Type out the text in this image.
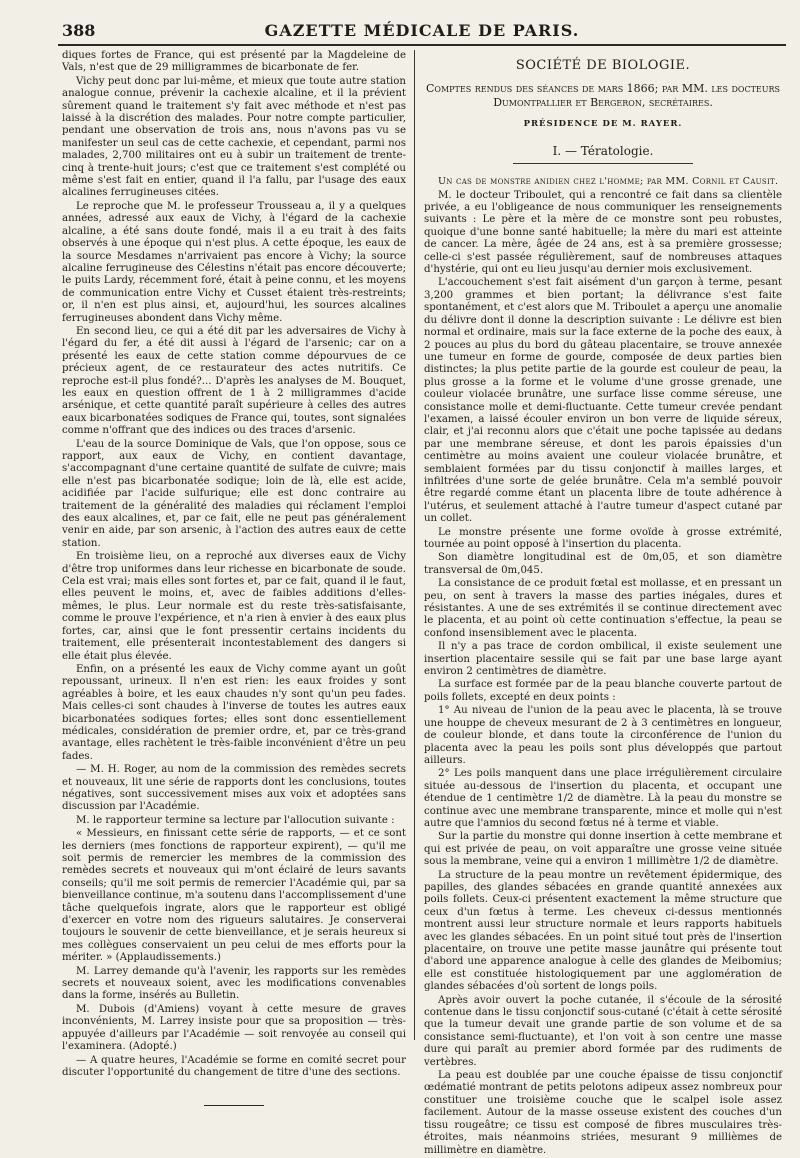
388	GAZETTE MÉDICALE DE PARIS.

diques fortes de France, qui est présenté par la Magdeleine de Vals, n'est que de 29 milligrammes de bicarbonate de fer.

Vichy peut donc par lui-même, et mieux que toute autre station analogue connue, prévenir la cachexie alcaline, et il la prévient sûrement quand le traitement s'y fait avec méthode et n'est pas laissé à la discrétion des malades. Pour notre compte particulier, pendant une observation de trois ans, nous n'avons pas vu se manifester un seul cas de cette cachexie, et cependant, parmi nos malades, 2,700 militaires ont eu à subir un traitement de trente-cinq à trente-huit jours; c'est que ce traitement s'est complété ou même s'est fait en entier, quand il l'a fallu, par l'usage des eaux alcalines ferrugineuses citées.

Le reproche que M. le professeur Trousseau a, il y a quelques années, adressé aux eaux de Vichy, à l'égard de la cachexie alcaline, a été sans doute fondé, mais il a eu trait à des faits observés à une époque qui n'est plus. A cette époque, les eaux de la source Mesdames n'arrivaient pas encore à Vichy; la source alcaline ferrugineuse des Célestins n'était pas encore découverte; le puits Lardy, récemment foré, était à peine connu, et les moyens de communication entre Vichy et Cusset étaient très-restreints; or, il n'en est plus ainsi, et, aujourd'hui, les sources alcalines ferrugineuses abondent dans Vichy même.

En second lieu, ce qui a été dit par les adversaires de Vichy à l'égard du fer, a été dit aussi à l'égard de l'arsenic; car on a présenté les eaux de cette station comme dépourvues de ce précieux agent, de ce restaurateur des actes nutritifs. Ce reproche est-il plus fondé?... D'après les analyses de M. Bouquet, les eaux en question offrent de 1 à 2 milligrammes d'acide arsénique, et cette quantité paraît supérieure à celles des autres eaux bicarbonatées sodiques de France qui, toutes, sont signalées comme n'offrant que des indices ou des traces d'arsenic.

L'eau de la source Dominique de Vals, que l'on oppose, sous ce rapport, aux eaux de Vichy, en contient davantage, s'accompagnant d'une certaine quantité de sulfate de cuivre; mais elle n'est pas bicarbonatée sodique; loin de là, elle est acide, acidifiée par l'acide sulfurique; elle est donc contraire au traitement de la généralité des maladies qui réclament l'emploi des eaux alcalines, et, par ce fait, elle ne peut pas généralement venir en aide, par son arsenic, à l'action des autres eaux de cette station.

En troisième lieu, on a reproché aux diverses eaux de Vichy d'être trop uniformes dans leur richesse en bicarbonate de soude. Cela est vrai; mais elles sont fortes et, par ce fait, quand il le faut, elles peuvent le moins, et, avec de faibles additions d'elles-mêmes, le plus. Leur normale est du reste très-satisfaisante, comme le prouve l'expérience, et n'a rien à envier à des eaux plus fortes, car, ainsi que le font pressentir certains incidents du traitement, elle présenterait incontestablement des dangers si elle était plus élevée.

Enfin, on a présenté les eaux de Vichy comme ayant un goût repoussant, urineux. Il n'en est rien: les eaux froides y sont agréables à boire, et les eaux chaudes n'y sont qu'un peu fades. Mais celles-ci sont chaudes à l'inverse de toutes les autres eaux bicarbonatées sodiques fortes; elles sont donc essentiellement médicales, considération de premier ordre, et, par ce très-grand avantage, elles rachètent le très-faible inconvénient d'être un peu fades.

— M. H. Roger, au nom de la commission des remèdes secrets et nouveaux, lit une série de rapports dont les conclusions, toutes négatives, sont successivement mises aux voix et adoptées sans discussion par l'Académie.

M. le rapporteur termine sa lecture par l'allocution suivante :

« Messieurs, en finissant cette série de rapports, — et ce sont les derniers (mes fonctions de rapporteur expirent), — qu'il me soit permis de remercier les membres de la commission des remèdes secrets et nouveaux qui m'ont éclairé de leurs savants conseils; qu'il me soit permis de remercier l'Académie qui, par sa bienveillance continue, m'a soutenu dans l'accomplissement d'une tâche quelquefois ingrate, alors que le rapporteur est obligé d'exercer en votre nom des rigueurs salutaires. Je conserverai toujours le souvenir de cette bienveillance, et je serais heureux si mes collègues conservaient un peu celui de mes efforts pour la mériter. » (Applaudissements.)

M. Larrey demande qu'à l'avenir, les rapports sur les remèdes secrets et nouveaux soient, avec les modifications convenables dans la forme, insérés au Bulletin.

M. Dubois (d'Amiens) voyant à cette mesure de graves inconvénients, M. Larrey insiste pour que sa proposition — très-appuyée d'ailleurs par l'Académie — soit renvoyée au conseil qui l'examinera. (Adopté.)

— A quatre heures, l'Académie se forme en comité secret pour discuter l'opportunité du changement de titre d'une des sections.

SOCIÉTÉ DE BIOLOGIE.
Comptes rendus des séances de mars 1866; par MM. les docteurs Dumontpallier et Bergeron, secrétaires.
PRÉSIDENCE DE M. RAYER.
I. — Tératologie.

Un cas de monstre anidien chez l'homme; par MM. Cornil et Causit.

M. le docteur Triboulet, qui a rencontré ce fait dans sa clientèle privée, a eu l'obligeance de nous communiquer les renseignements suivants : Le père et la mère de ce monstre sont peu robustes, quoique d'une bonne santé habituelle; la mère du mari est atteinte de cancer. La mère, âgée de 24 ans, est à sa première grossesse; celle-ci s'est passée régulièrement, sauf de nombreuses attaques d'hystérie, qui ont eu lieu jusqu'au dernier mois exclusivement.

L'accouchement s'est fait aisément d'un garçon à terme, pesant 3,200 grammes et bien portant; la délivrance s'est faite spontanément, et c'est alors que M. Triboulet a aperçu une anomalie du délivre dont il donne la description suivante : Le délivre est bien normal et ordinaire, mais sur la face externe de la poche des eaux, à 2 pouces au plus du bord du gâteau placentaire, se trouve annexée une tumeur en forme de gourde, composée de deux parties bien distinctes; la plus petite partie de la gourde est couleur de peau, la plus grosse a la forme et le volume d'une grosse grenade, une couleur violacée brunâtre, une surface lisse comme séreuse, une consistance molle et demi-fluctuante. Cette tumeur crevée pendant l'examen, a laissé écouler environ un bon verre de liquide séreux, clair, et j'ai reconnu alors que c'était une poche tapissée au dedans par une membrane séreuse, et dont les parois épaissies d'un centimètre au moins avaient une couleur violacée brunâtre, et semblaient formées par du tissu conjonctif à mailles larges, et infiltrées d'une sorte de gelée brunâtre. Cela m'a semblé pouvoir être regardé comme étant un placenta libre de toute adhérence à l'utérus, et seulement attaché à l'autre tumeur d'aspect cutané par un collet.

Le monstre présente une forme ovoïde à grosse extrémité, tournée au point opposé à l'insertion du placenta.

Son diamètre longitudinal est de 0m,05, et son diamètre transversal de 0m,045.

La consistance de ce produit fœtal est mollasse, et en pressant un peu, on sent à travers la masse des parties inégales, dures et résistantes. A une de ses extrémités il se continue directement avec le placenta, et au point où cette continuation s'effectue, la peau se confond insensiblement avec le placenta.

Il n'y a pas trace de cordon ombilical, il existe seulement une insertion placentaire sessile qui se fait par une base large ayant environ 2 centimètres de diamètre.

La surface est formée par de la peau blanche couverte partout de poils follets, excepté en deux points :

1° Au niveau de l'union de la peau avec le placenta, là se trouve une houppe de cheveux mesurant de 2 à 3 centimètres en longueur, de couleur blonde, et dans toute la circonférence de l'union du placenta avec la peau les poils sont plus développés que partout ailleurs.

2° Les poils manquent dans une place irrégulièrement circulaire située au-dessous de l'insertion du placenta, et occupant une étendue de 1 centimètre 1/2 de diamètre. Là la peau du monstre se continue avec une membrane transparente, mince et molle qui n'est autre que l'amnios du second fœtus né à terme et viable.

Sur la partie du monstre qui donne insertion à cette membrane et qui est privée de peau, on voit apparaître une grosse veine située sous la membrane, veine qui a environ 1 millimètre 1/2 de diamètre.

La structure de la peau montre un revêtement épidermique, des papilles, des glandes sébacées en grande quantité annexées aux poils follets. Ceux-ci présentent exactement la même structure que ceux d'un fœtus à terme. Les cheveux ci-dessus mentionnés montrent aussi leur structure normale et leurs rapports habituels avec les glandes sébacées. En un point situé tout près de l'insertion placentaire, on trouve une petite masse jaunâtre qui présente tout d'abord une apparence analogue à celle des glandes de Meibomius; elle est constituée histologiquement par une agglomération de glandes sébacées d'où sortent de longs poils.

Après avoir ouvert la poche cutanée, il s'écoule de la sérosité contenue dans le tissu conjonctif sous-cutané (c'était à cette sérosité que la tumeur devait une grande partie de son volume et de sa consistance semi-fluctuante), et l'on voit à son centre une masse dure qui paraît au premier abord formée par des rudiments de vertèbres.

La peau est doublée par une couche épaisse de tissu conjonctif œdématié montrant de petits pelotons adipeux assez nombreux pour constituer une troisième couche que le scalpel isole assez facilement. Autour de la masse osseuse existent des couches d'un tissu rougeâtre; ce tissu est composé de fibres musculaires très-étroites, mais néanmoins striées, mesurant 9 millièmes de millimètre en diamètre.
